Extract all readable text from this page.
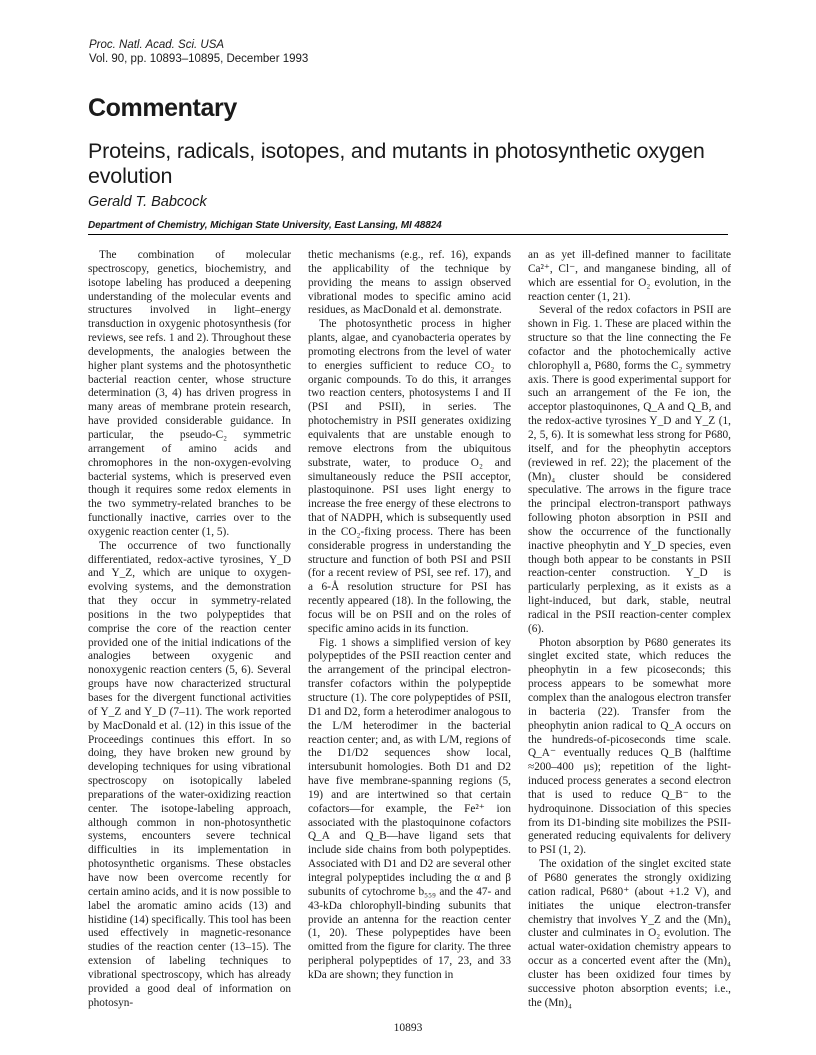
Proc. Natl. Acad. Sci. USA
Vol. 90, pp. 10893–10895, December 1993
Commentary
Proteins, radicals, isotopes, and mutants in photosynthetic oxygen evolution
Gerald T. Babcock
Department of Chemistry, Michigan State University, East Lansing, MI 48824

The combination of molecular spectroscopy, genetics, biochemistry, and isotope labeling has produced a deepening understanding of the molecular events and structures involved in light–energy transduction in oxygenic photosynthesis (for reviews, see refs. 1 and 2). Throughout these developments, the analogies between the higher plant systems and the photosynthetic bacterial reaction center, whose structure determination (3, 4) has driven progress in many areas of membrane protein research, have provided considerable guidance. In particular, the pseudo-C₂ symmetric arrangement of amino acids and chromophores in the non-oxygen-evolving bacterial systems, which is preserved even though it requires some redox elements in the two symmetry-related branches to be functionally inactive, carries over to the oxygenic reaction center (1, 5).

The occurrence of two functionally differentiated, redox-active tyrosines, Y_D and Y_Z, which are unique to oxygen-evolving systems, and the demonstration that they occur in symmetry-related positions in the two polypeptides that comprise the core of the reaction center provided one of the initial indications of the analogies between oxygenic and nonoxygenic reaction centers (5, 6). Several groups have now characterized structural bases for the divergent functional activities of Y_Z and Y_D (7–11). The work reported by MacDonald et al. (12) in this issue of the Proceedings continues this effort. In so doing, they have broken new ground by developing techniques for using vibrational spectroscopy on isotopically labeled preparations of the water-oxidizing reaction center. The isotope-labeling approach, although common in non-photosynthetic systems, encounters severe technical difficulties in its implementation in photosynthetic organisms. These obstacles have now been overcome recently for certain amino acids, and it is now possible to label the aromatic amino acids (13) and histidine (14) specifically. This tool has been used effectively in magnetic-resonance studies of the reaction center (13–15). The extension of labeling techniques to vibrational spectroscopy, which has already provided a good deal of information on photosyn-

thetic mechanisms (e.g., ref. 16), expands the applicability of the technique by providing the means to assign observed vibrational modes to specific amino acid residues, as MacDonald et al. demonstrate.

The photosynthetic process in higher plants, algae, and cyanobacteria operates by promoting electrons from the level of water to energies sufficient to reduce CO₂ to organic compounds. To do this, it arranges two reaction centers, photosystems I and II (PSI and PSII), in series. The photochemistry in PSII generates oxidizing equivalents that are unstable enough to remove electrons from the ubiquitous substrate, water, to produce O₂ and simultaneously reduce the PSII acceptor, plastoquinone. PSI uses light energy to increase the free energy of these electrons to that of NADPH, which is subsequently used in the CO₂-fixing process. There has been considerable progress in understanding the structure and function of both PSI and PSII (for a recent review of PSI, see ref. 17), and a 6-Å resolution structure for PSI has recently appeared (18). In the following, the focus will be on PSII and on the roles of specific amino acids in its function.

Fig. 1 shows a simplified version of key polypeptides of the PSII reaction center and the arrangement of the principal electron-transfer cofactors within the polypeptide structure (1). The core polypeptides of PSII, D1 and D2, form a heterodimer analogous to the L/M heterodimer in the bacterial reaction center; and, as with L/M, regions of the D1/D2 sequences show local, intersubunit homologies. Both D1 and D2 have five membrane-spanning regions (5, 19) and are intertwined so that certain cofactors—for example, the Fe²⁺ ion associated with the plastoquinone cofactors Q_A and Q_B—have ligand sets that include side chains from both polypeptides. Associated with D1 and D2 are several other integral polypeptides including the α and β subunits of cytochrome b₅₅₉ and the 47- and 43-kDa chlorophyll-binding subunits that provide an antenna for the reaction center (1, 20). These polypeptides have been omitted from the figure for clarity. The three peripheral polypeptides of 17, 23, and 33 kDa are shown; they function in

an as yet ill-defined manner to facilitate Ca²⁺, Cl⁻, and manganese binding, all of which are essential for O₂ evolution, in the reaction center (1, 21).

Several of the redox cofactors in PSII are shown in Fig. 1. These are placed within the structure so that the line connecting the Fe cofactor and the photochemically active chlorophyll a, P680, forms the C₂ symmetry axis. There is good experimental support for such an arrangement of the Fe ion, the acceptor plastoquinones, Q_A and Q_B, and the redox-active tyrosines Y_D and Y_Z (1, 2, 5, 6). It is somewhat less strong for P680, itself, and for the pheophytin acceptors (reviewed in ref. 22); the placement of the (Mn)₄ cluster should be considered speculative. The arrows in the figure trace the principal electron-transport pathways following photon absorption in PSII and show the occurrence of the functionally inactive pheophytin and Y_D species, even though both appear to be constants in PSII reaction-center construction. Y_D is particularly perplexing, as it exists as a light-induced, but dark, stable, neutral radical in the PSII reaction-center complex (6).

Photon absorption by P680 generates its singlet excited state, which reduces the pheophytin in a few picoseconds; this process appears to be somewhat more complex than the analogous electron transfer in bacteria (22). Transfer from the pheophytin anion radical to Q_A occurs on the hundreds-of-picoseconds time scale. Q_A⁻ eventually reduces Q_B (halftime ≈200–400 μs); repetition of the light-induced process generates a second electron that is used to reduce Q_B⁻ to the hydroquinone. Dissociation of this species from its D1-binding site mobilizes the PSII-generated reducing equivalents for delivery to PSI (1, 2).

The oxidation of the singlet excited state of P680 generates the strongly oxidizing cation radical, P680⁺ (about +1.2 V), and initiates the unique electron-transfer chemistry that involves Y_Z and the (Mn)₄ cluster and culminates in O₂ evolution. The actual water-oxidation chemistry appears to occur as a concerted event after the (Mn)₄ cluster has been oxidized four times by successive photon absorption events; i.e., the (Mn)₄

10893
